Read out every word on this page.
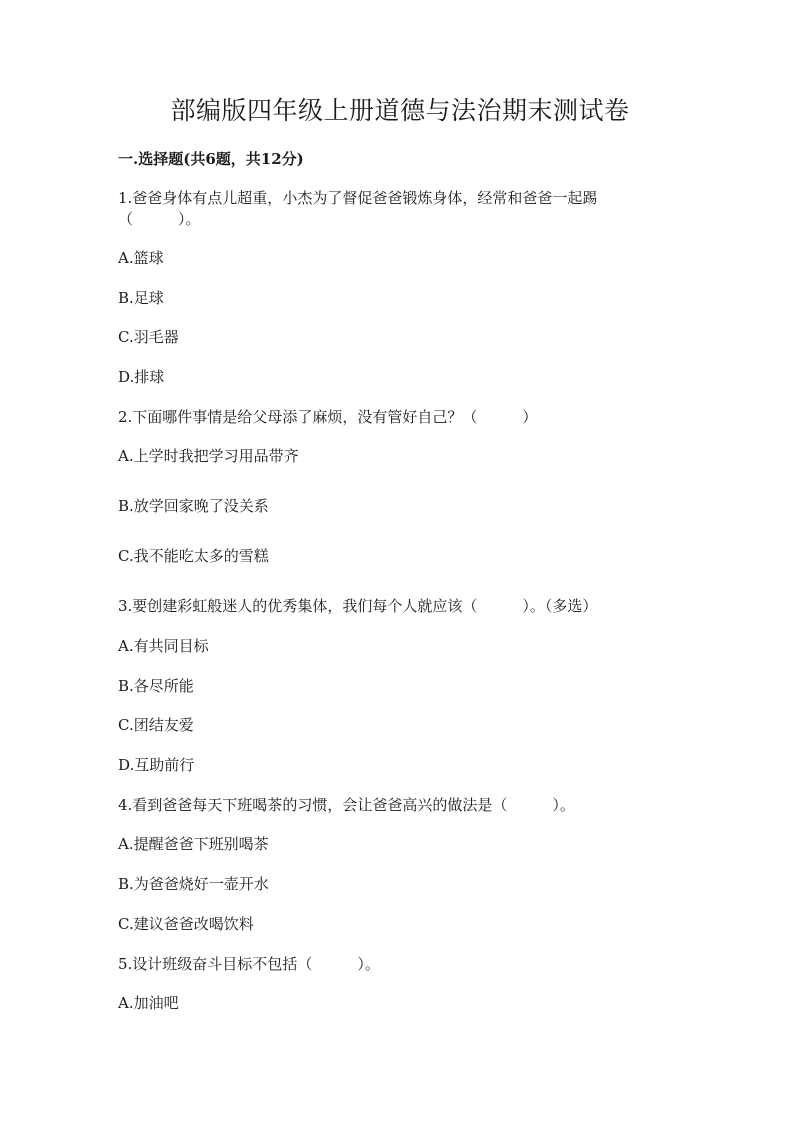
部编版四年级上册道德与法治期末测试卷
一.选择题(共6题，共12分)
1.爸爸身体有点儿超重，小杰为了督促爸爸锻炼身体，经常和爸爸一起踢
（　　　）。
A.篮球
B.足球
C.羽毛器
D.排球
2.下面哪件事情是给父母添了麻烦，没有管好自己？（　　　）
A.上学时我把学习用品带齐
B.放学回家晚了没关系
C.我不能吃太多的雪糕
3.要创建彩虹般迷人的优秀集体，我们每个人就应该（　　　）。（多选）
A.有共同目标
B.各尽所能
C.团结友爱
D.互助前行
4.看到爸爸每天下班喝茶的习惯，会让爸爸高兴的做法是（　　　）。
A.提醒爸爸下班别喝茶
B.为爸爸烧好一壶开水
C.建议爸爸改喝饮料
5.设计班级奋斗目标不包括（　　　）。
A.加油吧
